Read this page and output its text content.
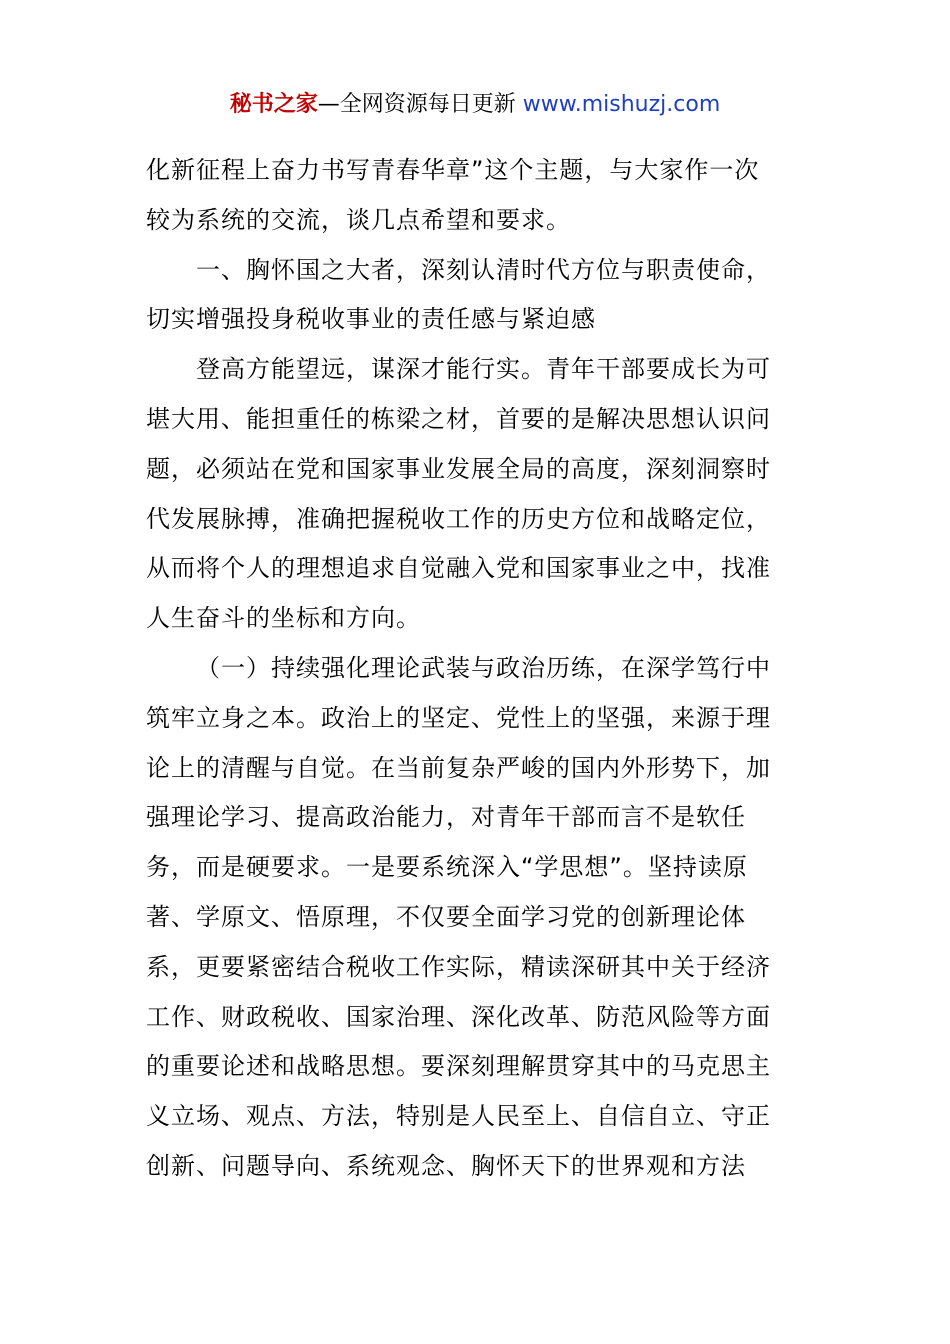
秘书之家—全网资源每日更新 www.mishuzj.com
化新征程上奋力书写青春华章”这个主题，与大家作一次
较为系统的交流，谈几点希望和要求。
一、胸怀国之大者，深刻认清时代方位与职责使命，
切实增强投身税收事业的责任感与紧迫感
登高方能望远，谋深才能行实。青年干部要成长为可
堪大用、能担重任的栋梁之材，首要的是解决思想认识问
题，必须站在党和国家事业发展全局的高度，深刻洞察时
代发展脉搏，准确把握税收工作的历史方位和战略定位，
从而将个人的理想追求自觉融入党和国家事业之中，找准
人生奋斗的坐标和方向。
（一）持续强化理论武装与政治历练，在深学笃行中
筑牢立身之本。政治上的坚定、党性上的坚强，来源于理
论上的清醒与自觉。在当前复杂严峻的国内外形势下，加
强理论学习、提高政治能力，对青年干部而言不是软任
务，而是硬要求。一是要系统深入“学思想”。坚持读原
著、学原文、悟原理，不仅要全面学习党的创新理论体
系，更要紧密结合税收工作实际，精读深研其中关于经济
工作、财政税收、国家治理、深化改革、防范风险等方面
的重要论述和战略思想。要深刻理解贯穿其中的马克思主
义立场、观点、方法，特别是人民至上、自信自立、守正
创新、问题导向、系统观念、胸怀天下的世界观和方法
